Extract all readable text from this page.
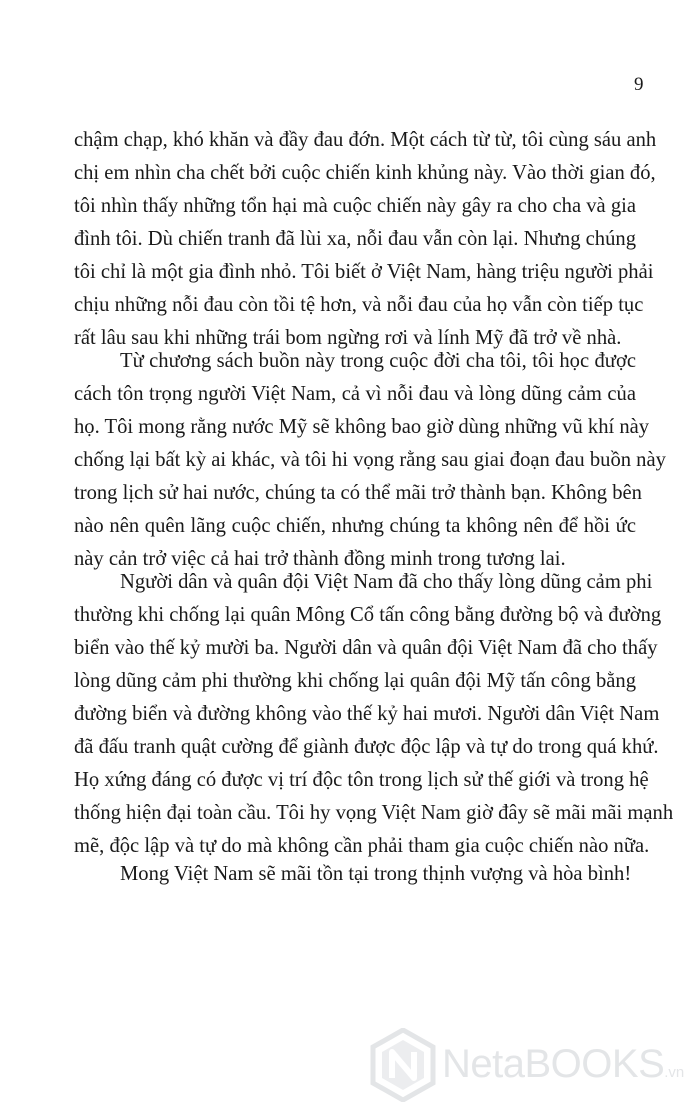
9
chậm chạp, khó khăn và đầy đau đớn. Một cách từ từ, tôi cùng sáu anh
chị em nhìn cha chết bởi cuộc chiến kinh khủng này. Vào thời gian đó,
tôi nhìn thấy những tổn hại mà cuộc chiến này gây ra cho cha và gia
đình tôi. Dù chiến tranh đã lùi xa, nỗi đau vẫn còn lại. Nhưng chúng
tôi chỉ là một gia đình nhỏ. Tôi biết ở Việt Nam, hàng triệu người phải
chịu những nỗi đau còn tồi tệ hơn, và nỗi đau của họ vẫn còn tiếp tục
rất lâu sau khi những trái bom ngừng rơi và lính Mỹ đã trở về nhà.
Từ chương sách buồn này trong cuộc đời cha tôi, tôi học được
cách tôn trọng người Việt Nam, cả vì nỗi đau và lòng dũng cảm của
họ. Tôi mong rằng nước Mỹ sẽ không bao giờ dùng những vũ khí này
chống lại bất kỳ ai khác, và tôi hi vọng rằng sau giai đoạn đau buồn này
trong lịch sử hai nước, chúng ta có thể mãi trở thành bạn. Không bên
nào nên quên lãng cuộc chiến, nhưng chúng ta không nên để hồi ức
này cản trở việc cả hai trở thành đồng minh trong tương lai.
Người dân và quân đội Việt Nam đã cho thấy lòng dũng cảm phi
thường khi chống lại quân Mông Cổ tấn công bằng đường bộ và đường
biển vào thế kỷ mười ba. Người dân và quân đội Việt Nam đã cho thấy
lòng dũng cảm phi thường khi chống lại quân đội Mỹ tấn công bằng
đường biển và đường không vào thế kỷ hai mươi. Người dân Việt Nam
đã đấu tranh quật cường để giành được độc lập và tự do trong quá khứ.
Họ xứng đáng có được vị trí độc tôn trong lịch sử thế giới và trong hệ
thống hiện đại toàn cầu. Tôi hy vọng Việt Nam giờ đây sẽ mãi mãi mạnh
mẽ, độc lập và tự do mà không cần phải tham gia cuộc chiến nào nữa.
Mong Việt Nam sẽ mãi tồn tại trong thịnh vượng và hòa bình!
NetaBOOKS.vn
